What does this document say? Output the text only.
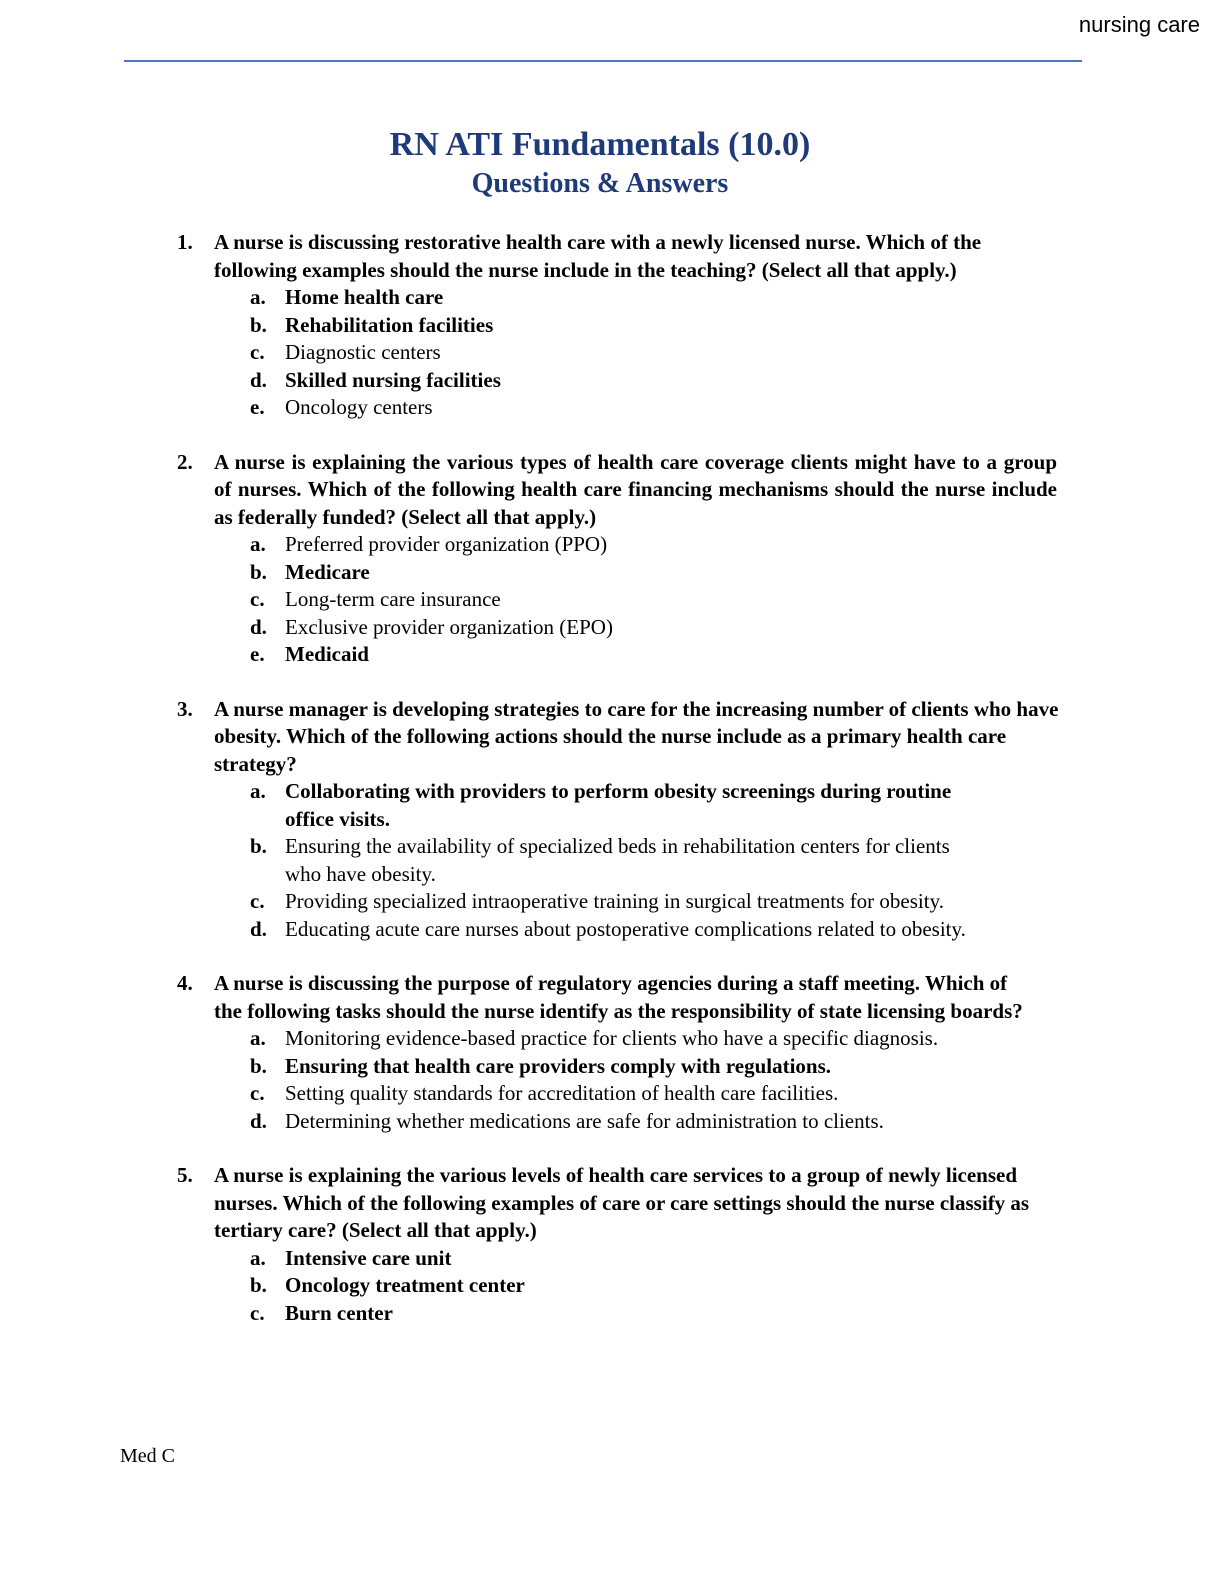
nursing care
RN ATI Fundamentals (10.0)
Questions & Answers
1.	A nurse is discussing restorative health care with a newly licensed nurse. Which of the following examples should the nurse include in the teaching? (Select all that apply.)
a. Home health care
b. Rehabilitation facilities
c. Diagnostic centers
d. Skilled nursing facilities
e. Oncology centers
2.	A nurse is explaining the various types of health care coverage clients might have to a group of nurses. Which of the following health care financing mechanisms should the nurse include as federally funded? (Select all that apply.)
a. Preferred provider organization (PPO)
b. Medicare
c. Long-term care insurance
d. Exclusive provider organization (EPO)
e. Medicaid
3.	A nurse manager is developing strategies to care for the increasing number of clients who have obesity. Which of the following actions should the nurse include as a primary health care strategy?
a. Collaborating with providers to perform obesity screenings during routine office visits.
b. Ensuring the availability of specialized beds in rehabilitation centers for clients who have obesity.
c. Providing specialized intraoperative training in surgical treatments for obesity.
d. Educating acute care nurses about postoperative complications related to obesity.
4.	A nurse is discussing the purpose of regulatory agencies during a staff meeting. Which of the following tasks should the nurse identify as the responsibility of state licensing boards?
a. Monitoring evidence-based practice for clients who have a specific diagnosis.
b. Ensuring that health care providers comply with regulations.
c. Setting quality standards for accreditation of health care facilities.
d. Determining whether medications are safe for administration to clients.
5.	A nurse is explaining the various levels of health care services to a group of newly licensed nurses. Which of the following examples of care or care settings should the nurse classify as tertiary care? (Select all that apply.)
a. Intensive care unit
b. Oncology treatment center
c. Burn center
Med C
